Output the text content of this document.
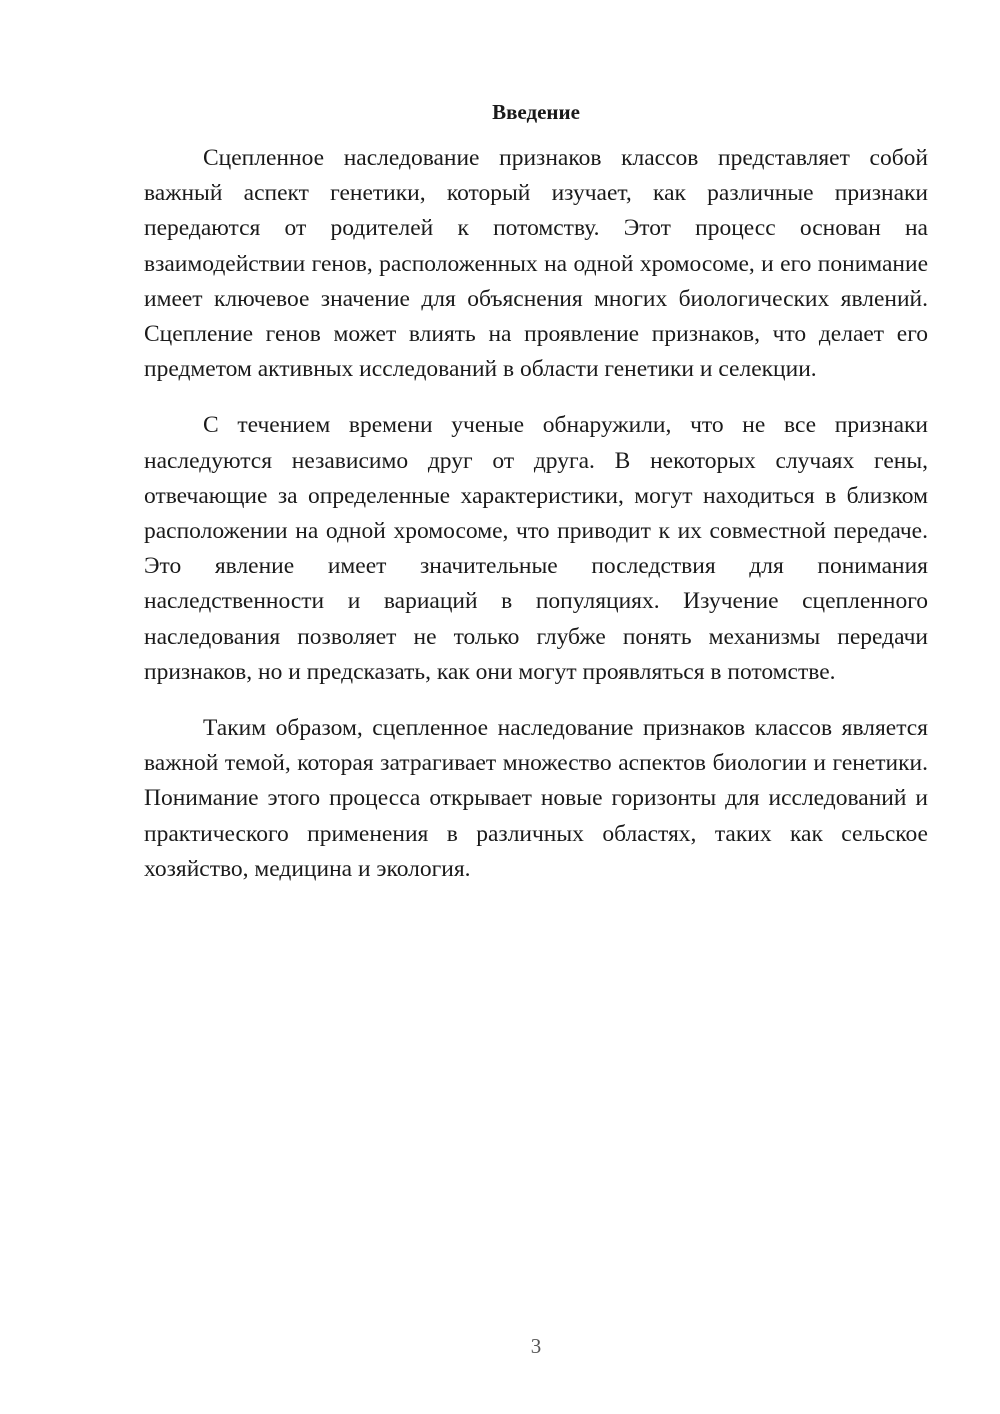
Введение

Сцепленное наследование признаков классов представляет собой важный аспект генетики, который изучает, как различные признаки передаются от родителей к потомству. Этот процесс основан на взаимодействии генов, расположенных на одной хромосоме, и его понимание имеет ключевое значение для объяснения многих биологических явлений. Сцепление генов может влиять на проявление признаков, что делает его предметом активных исследований в области генетики и селекции.

С течением времени ученые обнаружили, что не все признаки наследуются независимо друг от друга. В некоторых случаях гены, отвечающие за определенные характеристики, могут находиться в близком расположении на одной хромосоме, что приводит к их совместной передаче. Это явление имеет значительные последствия для понимания наследственности и вариаций в популяциях. Изучение сцепленного наследования позволяет не только глубже понять механизмы передачи признаков, но и предсказать, как они могут проявляться в потомстве.

Таким образом, сцепленное наследование признаков классов является важной темой, которая затрагивает множество аспектов биологии и генетики. Понимание этого процесса открывает новые горизонты для исследований и практического применения в различных областях, таких как сельское хозяйство, медицина и экология.

3
